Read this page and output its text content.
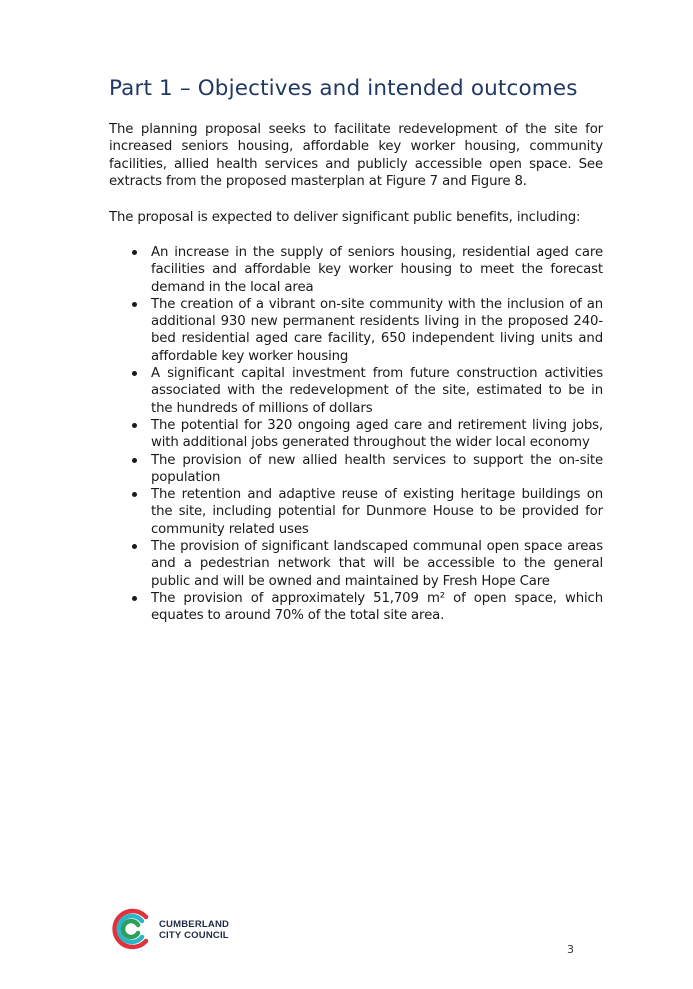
Part 1 – Objectives and intended outcomes

The planning proposal seeks to facilitate redevelopment of the site for increased seniors housing, affordable key worker housing, community facilities, allied health services and publicly accessible open space. See extracts from the proposed masterplan at Figure 7 and Figure 8.

The proposal is expected to deliver significant public benefits, including:

An increase in the supply of seniors housing, residential aged care facilities and affordable key worker housing to meet the forecast demand in the local area
The creation of a vibrant on-site community with the inclusion of an additional 930 new permanent residents living in the proposed 240-bed residential aged care facility, 650 independent living units and affordable key worker housing
A significant capital investment from future construction activities associated with the redevelopment of the site, estimated to be in the hundreds of millions of dollars
The potential for 320 ongoing aged care and retirement living jobs, with additional jobs generated throughout the wider local economy
The provision of new allied health services to support the on-site population
The retention and adaptive reuse of existing heritage buildings on the site, including potential for Dunmore House to be provided for community related uses
The provision of significant landscaped communal open space areas and a pedestrian network that will be accessible to the general public and will be owned and maintained by Fresh Hope Care
The provision of approximately 51,709 m² of open space, which equates to around 70% of the total site area.
CUMBERLAND
CITY COUNCIL
3
